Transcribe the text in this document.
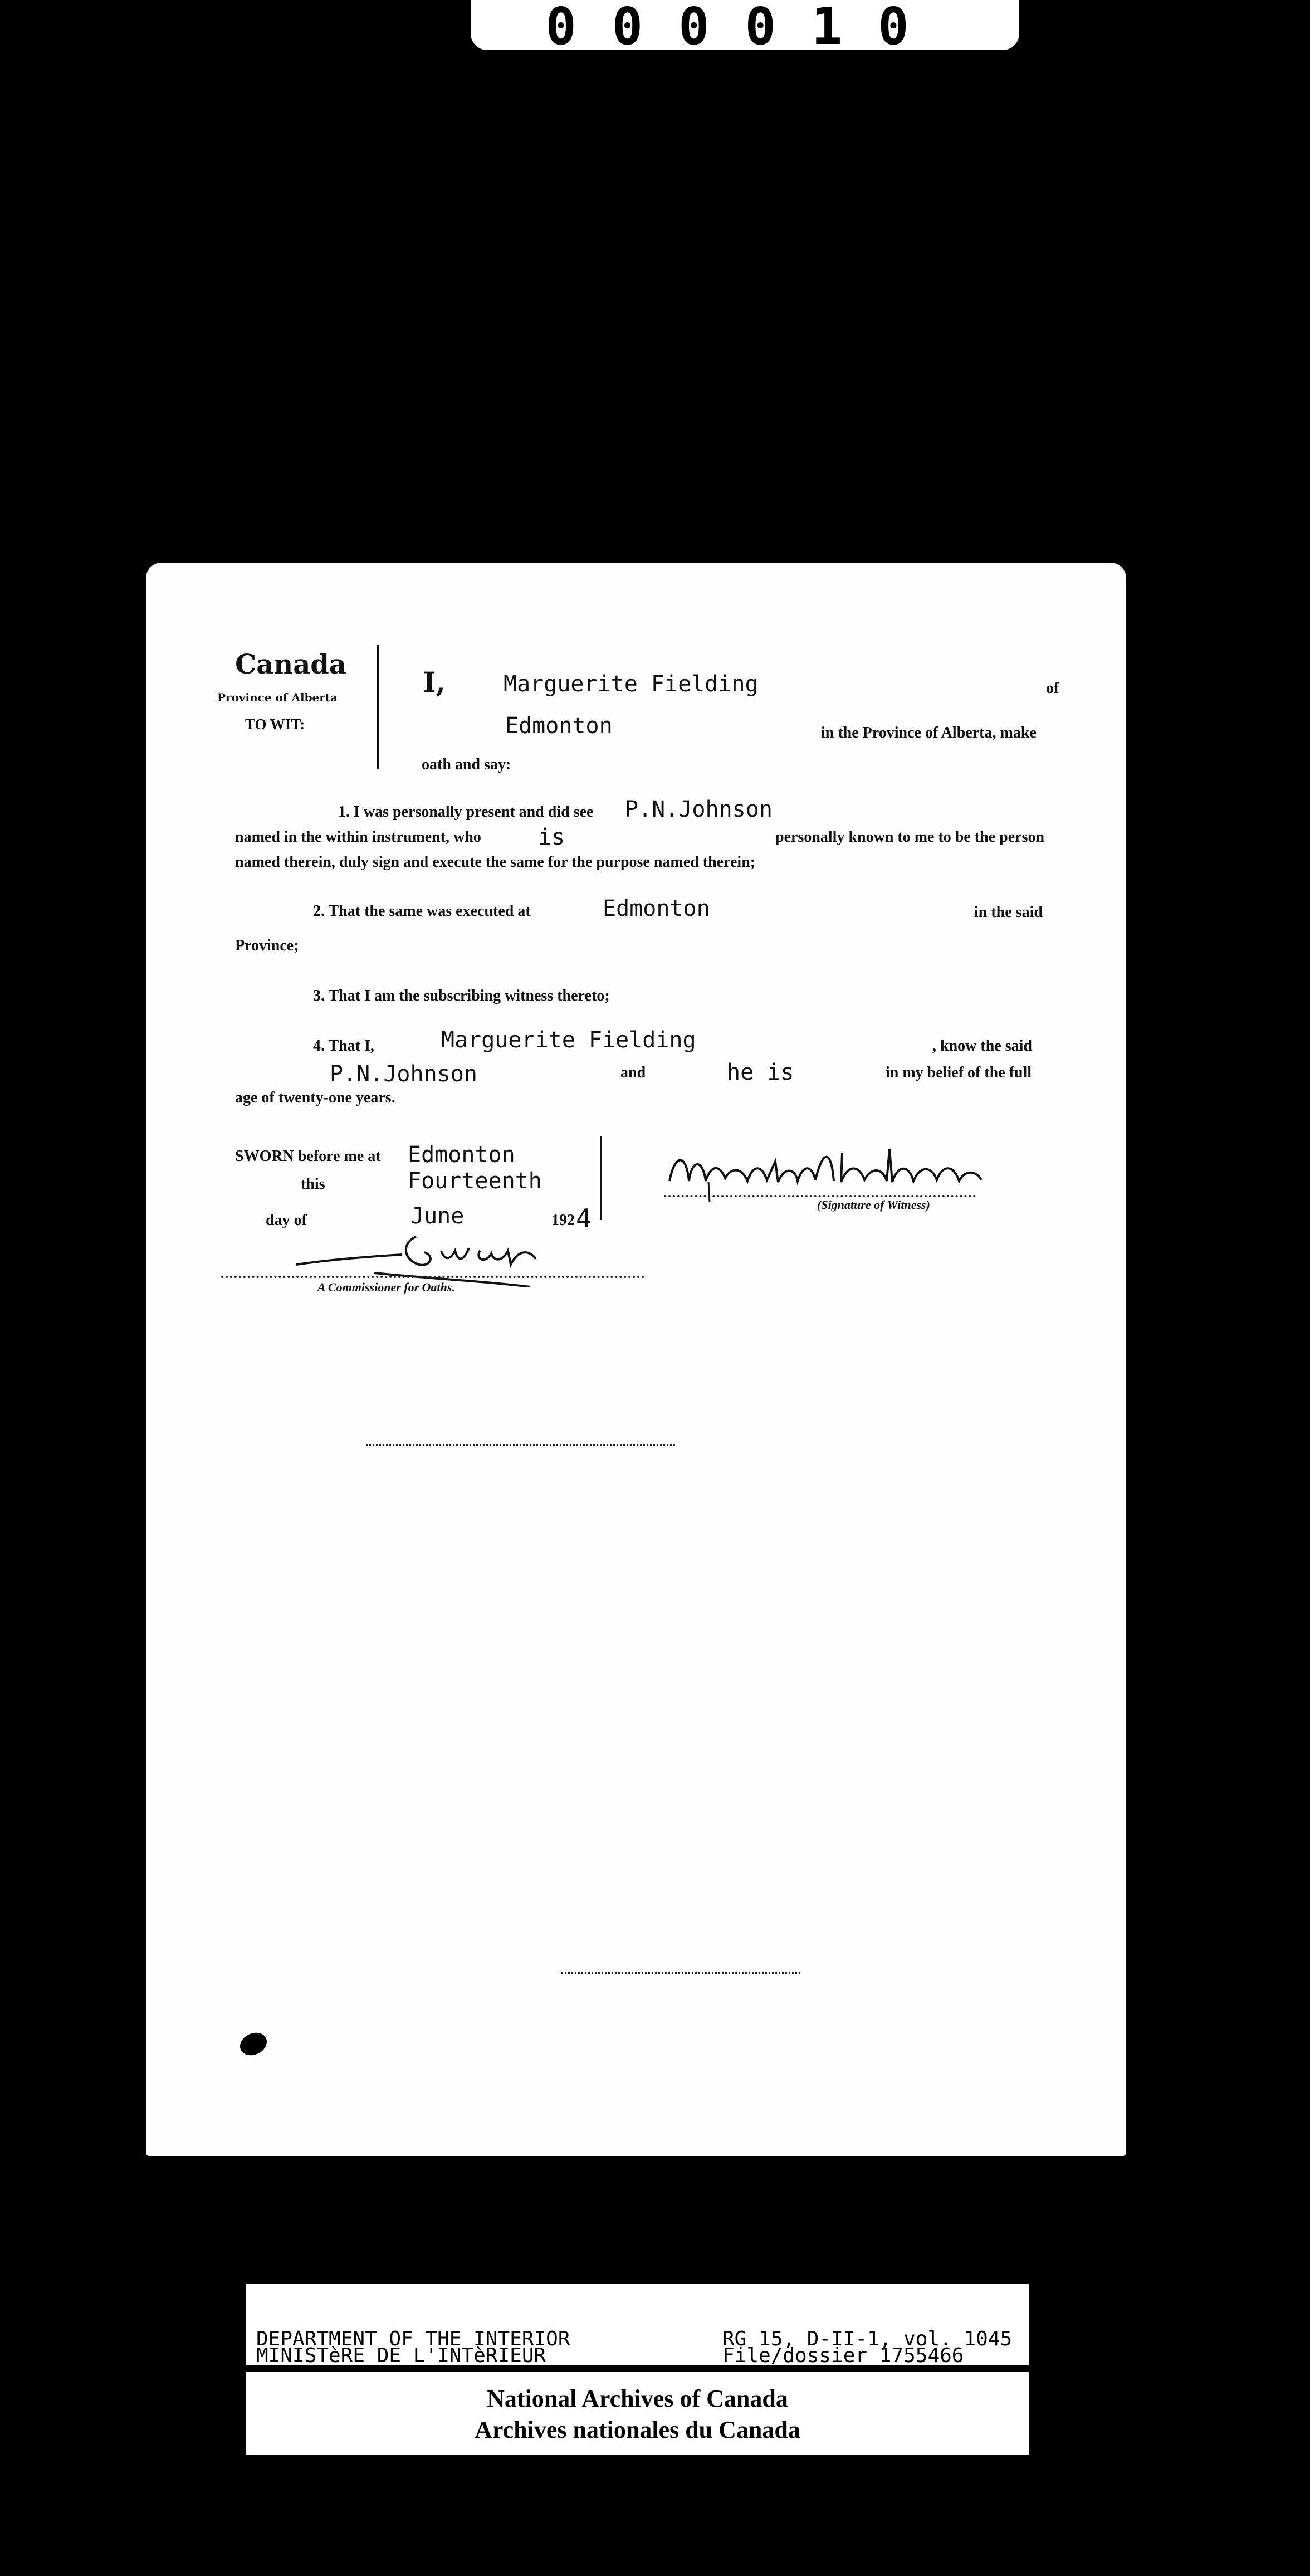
000010
Canada
Province of Alberta
TO WIT:
I,	Marguerite Fielding	of
Edmonton	in the Province of Alberta, make
oath and say:
1. I was personally present and did see P.N.Johnson
named in the within instrument, who	is	personally known to me to be the person
named therein, duly sign and execute the same for the purpose named therein;
2. That the same was executed at	Edmonton	in the said
Province;
3. That I am the subscribing witness thereto;
4. That I,	Marguerite Fielding	, know the said
P.N.Johnson	and	he is	in my belief of the full
age of twenty-one years.
SWORN before me at Edmonton
this	Fourteenth
day of	June	192 4	(Signature of Witness)
A Commissioner for Oaths.
DEPARTMENT OF THE INTERIOR
MINISTèRE DE L'INTèRIEUR
RG 15, D-II-1, vol. 1045
File/dossier 1755466
National Archives of Canada
Archives nationales du Canada
